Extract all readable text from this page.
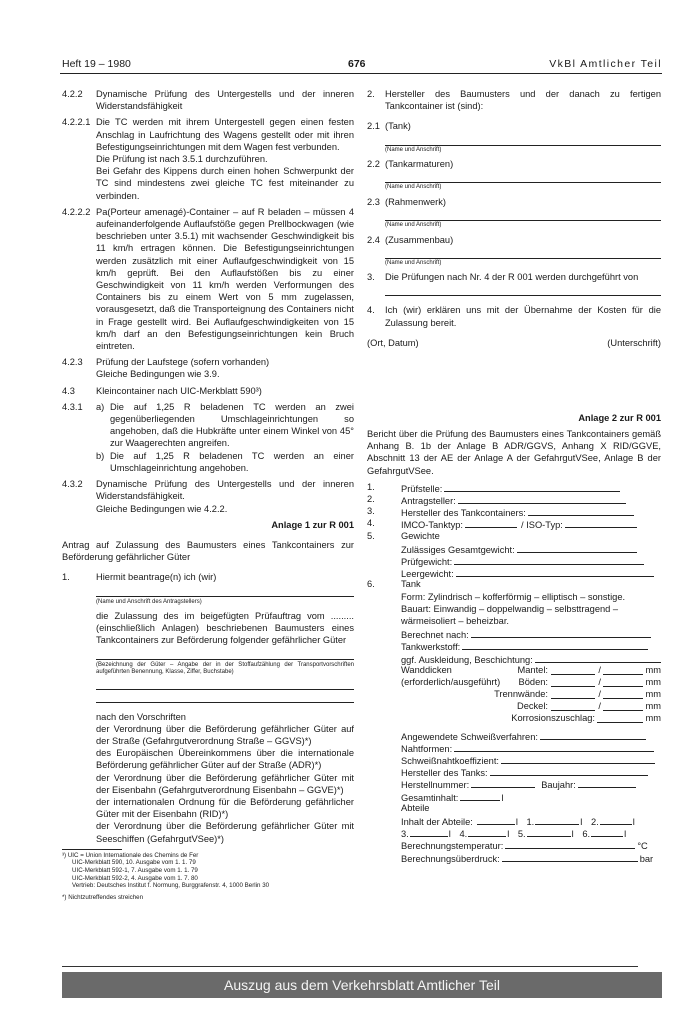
Heft 19 – 1980	676	VkBl Amtlicher Teil
4.2.2 Dynamische Prüfung des Untergestells und der inneren Widerstandsfähigkeit
4.2.2.1 Die TC werden mit ihrem Untergestell gegen einen festen Anschlag in Laufrichtung des Wagens gestellt oder mit ihren Befestigungseinrichtungen mit dem Wagen fest verbunden.
Die Prüfung ist nach 3.5.1 durchzuführen.
Bei Gefahr des Kippens durch einen hohen Schwerpunkt der TC sind mindestens zwei gleiche TC fest miteinander zu verbinden.
4.2.2.2 Pa(Porteur amenagé)-Container – auf R beladen – müssen 4 aufeinanderfolgende Auflaufstöße gegen Prellbockwagen (wie beschrieben unter 3.5.1) mit wachsender Geschwindigkeit bis 11 km/h ertragen können. Die Befestigungseinrichtungen werden zusätzlich mit einer Auflaufgeschwindigkeit von 15 km/h geprüft. Bei den Auflaufstößen bis zu einer Geschwindigkeit von 11 km/h werden Verformungen des Containers bis zu einem Wert von 5 mm zugelassen, vorausgesetzt, daß die Transporteignung des Containers nicht in Frage gestellt wird. Bei Auflaufgeschwindigkeiten von 15 km/h darf an den Befestigungseinrichtungen kein Bruch eintreten.
4.2.3 Prüfung der Laufstege (sofern vorhanden)
Gleiche Bedingungen wie 3.9.
4.3 Kleincontainer nach UIC-Merkblatt 590³)
4.3.1 a) Die auf 1,25 R beladenen TC werden an zwei gegenüberliegenden Umschlageinrichtungen so angehoben, daß die Hubkräfte unter einem Winkel von 45° zur Waagerechten angreifen.
b) Die auf 1,25 R beladenen TC werden an einer Umschlageinrichtung angehoben.
4.3.2 Dynamische Prüfung des Untergestells und der inneren Widerstandsfähigkeit.
Gleiche Bedingungen wie 4.2.2.
Anlage 1 zur R 001
Antrag auf Zulassung des Baumusters eines Tankcontainers zur Beförderung gefährlicher Güter
1.	Hiermit beantrage(n) ich (wir)
(Name und Anschrift des Antragstellers)
die Zulassung des im beigefügten Prüfauftrag vom ......... (einschließlich Anlagen) beschriebenen Baumusters eines Tankcontainers zur Beförderung folgender gefährlicher Güter
(Bezeichnung der Güter – Angabe der in der Stoffaufzählung der Transportvorschriften aufgeführten Benennung, Klasse, Ziffer, Buchstabe)
nach den Vorschriften
der Verordnung über die Beförderung gefährlicher Güter auf der Straße (Gefahrgutverordnung Straße – GGVS)*)
des Europäischen Übereinkommens über die internationale Beförderung gefährlicher Güter auf der Straße (ADR)*)
der Verordnung über die Beförderung gefährlicher Güter mit der Eisenbahn (Gefahrgutverordnung Eisenbahn – GGVE)*)
der internationalen Ordnung für die Beförderung gefährlicher Güter mit der Eisenbahn (RID)*)
der Verordnung über die Beförderung gefährlicher Güter mit Seeschiffen (GefahrgutVSee)*)
³) UIC = Union Internationale des Chemins de Fer
UIC-Merkblatt 590, 10. Ausgabe vom 1. 1. 79
UIC-Merkblatt 592-1, 7. Ausgabe vom 1. 1. 79
UIC-Merkblatt 592-2, 4. Ausgabe vom 1. 7. 80
Vertrieb: Deutsches Institut f. Normung, Burggrafenstr. 4, 1000 Berlin 30
*) Nichtzutreffendes streichen
2. Hersteller des Baumusters und der danach zu fertigen Tankcontainer ist (sind):
2.1 (Tank)
(Name und Anschrift)
2.2 (Tankarmaturen)
(Name und Anschrift)
2.3 (Rahmenwerk)
(Name und Anschrift)
2.4 (Zusammenbau)
(Name und Anschrift)
3. Die Prüfungen nach Nr. 4 der R 001 werden durchgeführt von
4. Ich (wir) erklären uns mit der Übernahme der Kosten für die Zulassung bereit.
(Ort, Datum)	(Unterschrift)
Anlage 2 zur R 001
Bericht über die Prüfung des Baumusters eines Tankcontainers gemäß Anhang B. 1b der Anlage B ADR/GGVS, Anhang X RID/GGVE, Abschnitt 13 der AE der Anlage A der GefahrgutVSee, Anlage B der GefahrgutVSee.
1.	Prüfstelle:
2.	Antragsteller:
3.	Hersteller des Tankcontainers:
4.	IMCO-Tanktyp:	/ ISO-Typ:
5.	Gewichte
Zulässiges Gesamtgewicht:
Prüfgewicht:
Leergewicht:
6.	Tank
Form: Zylindrisch – kofferförmig – elliptisch – sonstige.
Bauart: Einwandig – doppelwandig – selbsttragend – wärmeisoliert – beheizbar.
Berechnet nach:
Tankwerkstoff:
ggf. Auskleidung, Beschichtung:
Wanddicken	Mantel:	/	mm
(erforderlich/ausgeführt) Böden:	/	mm
Trennwände:	/	mm
Deckel:	/	mm
Korrosionszuschlag:	mm
Angewendete Schweißverfahren:
Nahtformen:
Schweißnahtkoeffizient:
Hersteller des Tanks:
Herstellnummer:	Baujahr:
Gesamtinhalt:	l
Abteile
Inhalt der Abteile:	l 1.	l 2.	l
3.	l 4.	l 5.	l 6.	l
Berechnungstemperatur:	°C
Berechnungsüberdruck:	bar
Auszug aus dem Verkehrsblatt Amtlicher Teil
